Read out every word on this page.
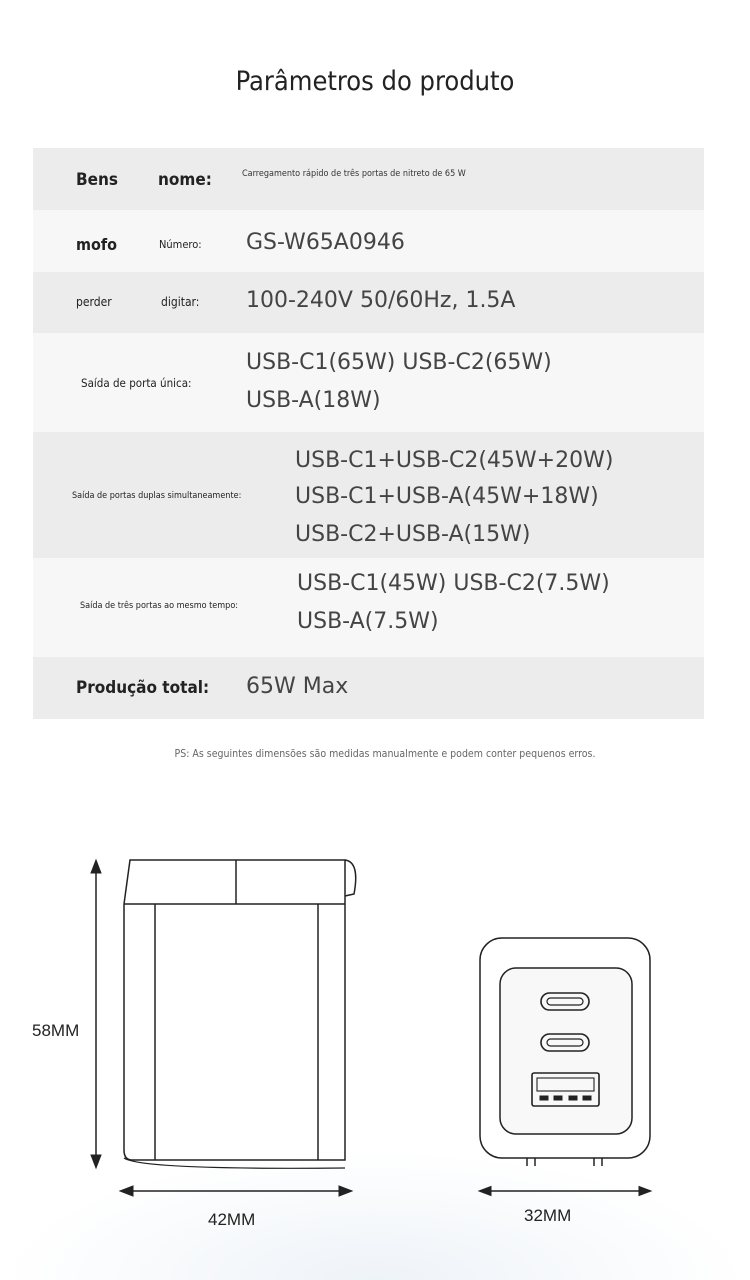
Parâmetros do produto
Bens nome:	Carregamento rápido de três portas de nitreto de 65 W
mofo	Número: GS-W65A0946
perder	digitar: 100-240V 50/60Hz, 1.5A
Saída de porta única:
USB-C1(65W) USB-C2(65W)
USB-A(18W)
Saída de portas duplas simultaneamente:
USB-C1+USB-C2(45W+20W)
USB-C1+USB-A(45W+18W)
USB-C2+USB-A(15W)
Saída de três portas ao mesmo tempo:
USB-C1(45W) USB-C2(7.5W)
USB-A(7.5W)
Produção total: 65W Max
PS: As seguintes dimensões são medidas manualmente e podem conter pequenos erros.
58MM
42MM	32MM
